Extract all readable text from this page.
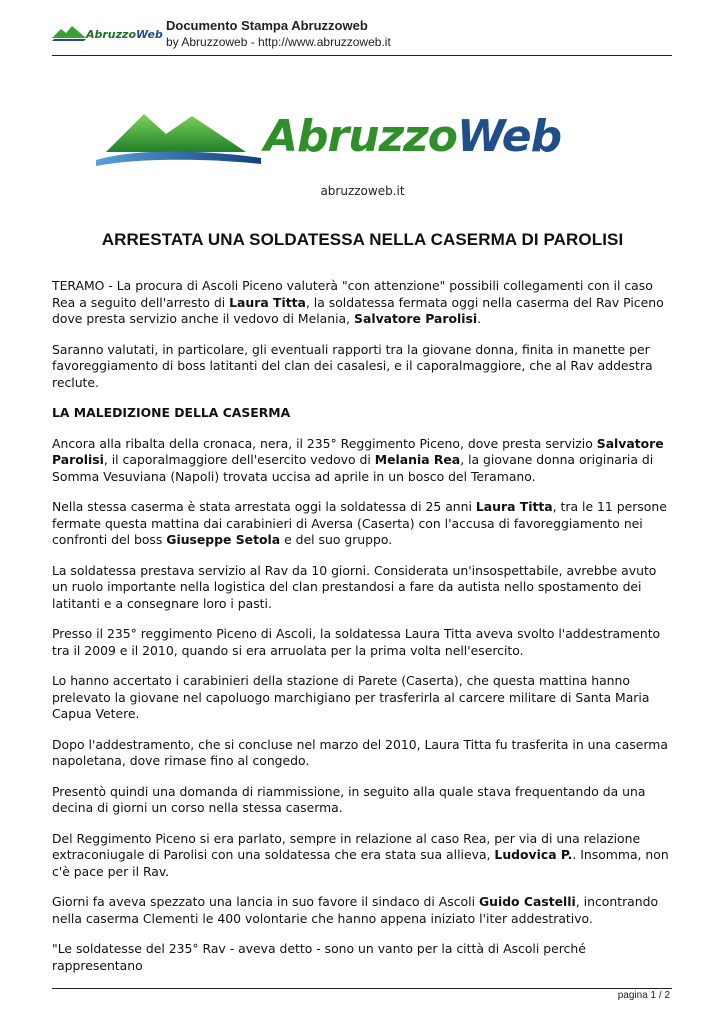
AbruzzoWeb
Documento Stampa Abruzzoweb
by Abruzzoweb - http://www.abruzzoweb.it
AbruzzoWeb
abruzzoweb.it
ARRESTATA UNA SOLDATESSA NELLA CASERMA DI PAROLISI

TERAMO - La procura di Ascoli Piceno valuterà "con attenzione" possibili collegamenti con il caso Rea a seguito dell'arresto di Laura Titta, la soldatessa fermata oggi nella caserma del Rav Piceno dove presta servizio anche il vedovo di Melania, Salvatore Parolisi.

Saranno valutati, in particolare, gli eventuali rapporti tra la giovane donna, finita in manette per favoreggiamento di boss latitanti del clan dei casalesi, e il caporalmaggiore, che al Rav addestra reclute.

LA MALEDIZIONE DELLA CASERMA

Ancora alla ribalta della cronaca, nera, il 235° Reggimento Piceno, dove presta servizio Salvatore Parolisi, il caporalmaggiore dell'esercito vedovo di Melania Rea, la giovane donna originaria di Somma Vesuviana (Napoli) trovata uccisa ad aprile in un bosco del Teramano.

Nella stessa caserma è stata arrestata oggi la soldatessa di 25 anni Laura Titta, tra le 11 persone fermate questa mattina dai carabinieri di Aversa (Caserta) con l'accusa di favoreggiamento nei confronti del boss Giuseppe Setola e del suo gruppo.

La soldatessa prestava servizio al Rav da 10 giorni. Considerata un'insospettabile, avrebbe avuto un ruolo importante nella logistica del clan prestandosi a fare da autista nello spostamento dei latitanti e a consegnare loro i pasti.

Presso il 235° reggimento Piceno di Ascoli, la soldatessa Laura Titta aveva svolto l'addestramento tra il 2009 e il 2010, quando si era arruolata per la prima volta nell'esercito.

Lo hanno accertato i carabinieri della stazione di Parete (Caserta), che questa mattina hanno prelevato la giovane nel capoluogo marchigiano per trasferirla al carcere militare di Santa Maria Capua Vetere.

Dopo l'addestramento, che si concluse nel marzo del 2010, Laura Titta fu trasferita in una caserma napoletana, dove rimase fino al congedo.

Presentò quindi una domanda di riammissione, in seguito alla quale stava frequentando da una decina di giorni un corso nella stessa caserma.

Del Reggimento Piceno si era parlato, sempre in relazione al caso Rea, per via di una relazione extraconiugale di Parolisi con una soldatessa che era stata sua allieva, Ludovica P.. Insomma, non c'è pace per il Rav.

Giorni fa aveva spezzato una lancia in suo favore il sindaco di Ascoli Guido Castelli, incontrando nella caserma Clementi le 400 volontarie che hanno appena iniziato l'iter addestrativo.

"Le soldatesse del 235° Rav - aveva detto - sono un vanto per la città di Ascoli perché rappresentano

pagina 1 / 2
